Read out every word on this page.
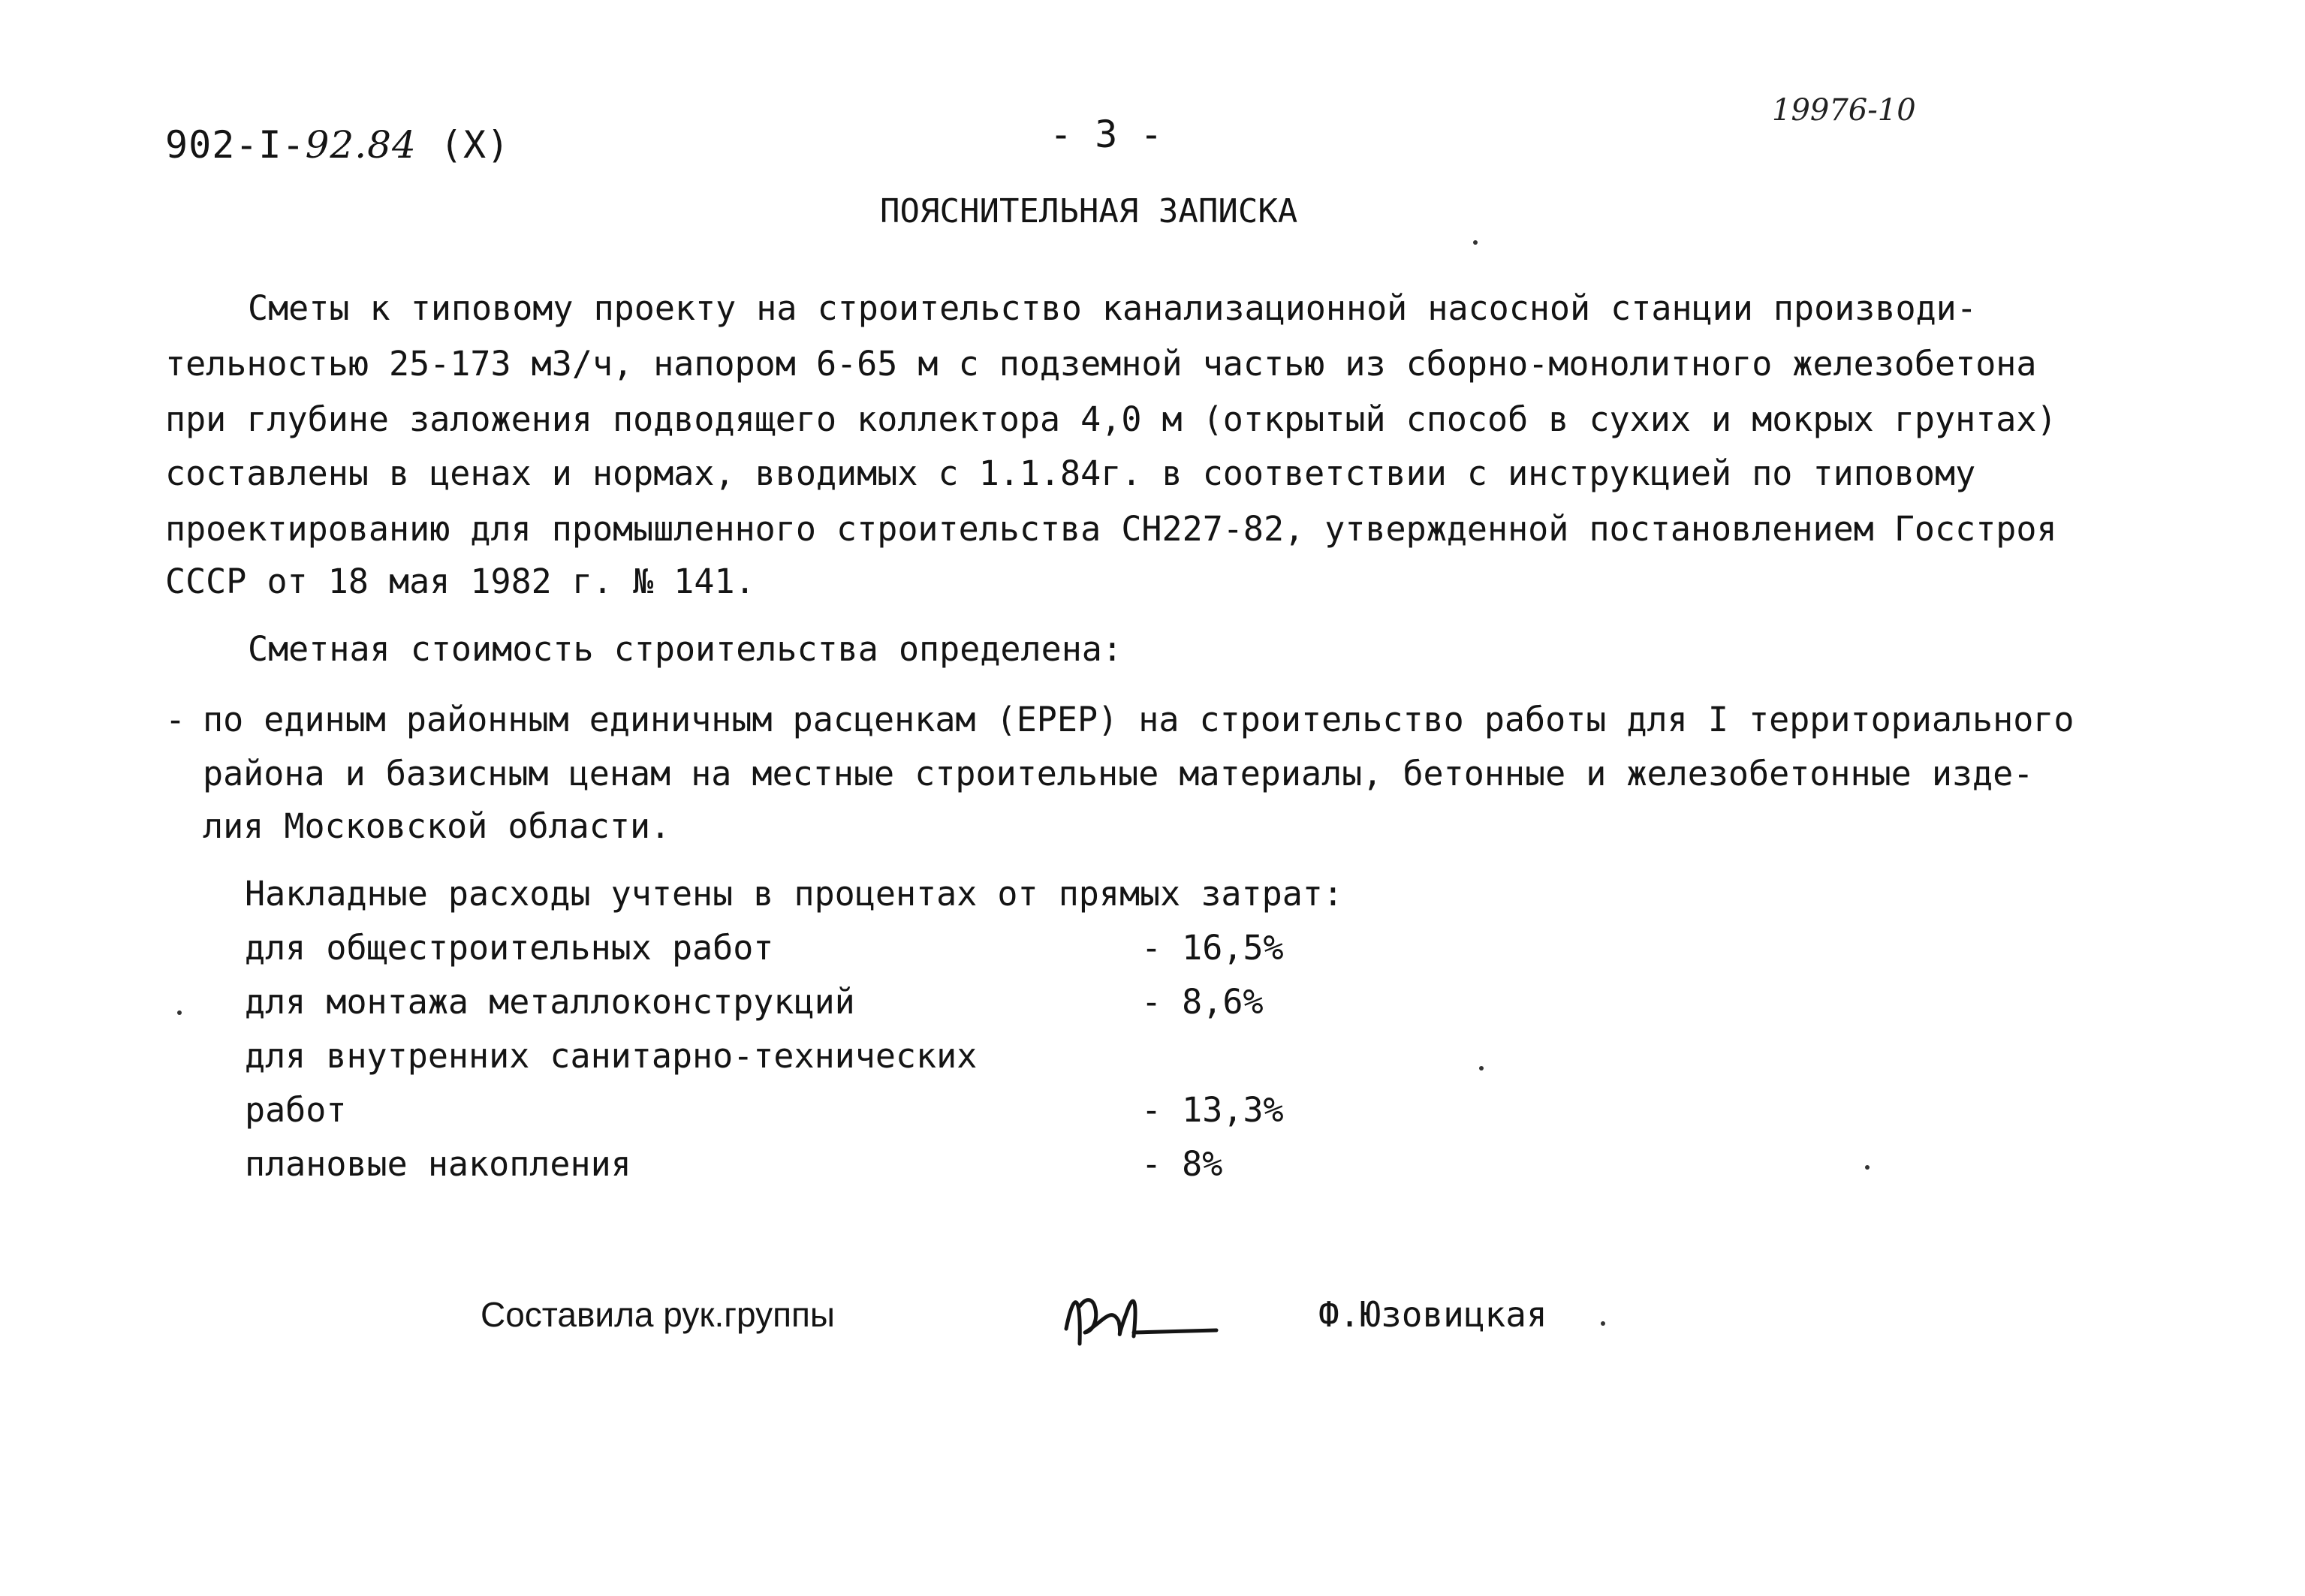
902-I-92.84 (X)	- 3 -
19976-10
ПОЯСНИТЕЛЬНАЯ ЗАПИСКА
Сметы к типовому проекту на строительство канализационной насосной станции производи-
тельностью 25-173 м3/ч, напором 6-65 м с подземной частью из сборно-монолитного железобетона
при глубине заложения подводящего коллектора 4,0 м (открытый способ в сухих и мокрых грунтах)
составлены в ценах и нормах, вводимых с 1.1.84г. в соответствии с инструкцией по типовому
проектированию для промышленного строительства СН227-82, утвержденной постановлением Госстроя
СССР от 18 мая 1982 г. № 141.
Сметная стоимость строительства определена:
- по единым районным единичным расценкам (ЕРЕР) на строительство работы для I территориального
района и базисным ценам на местные строительные материалы, бетонные и железобетонные изде-
лия Московской области.
Накладные расходы учтены в процентах от прямых затрат:
для общестроительных работ	- 16,5%
для монтажа металлоконструкций	- 8,6%
для внутренних санитарно-технических
работ	- 13,3%
плановые накопления	- 8%
Составила рук.группы	Ф.Юзовицкая
